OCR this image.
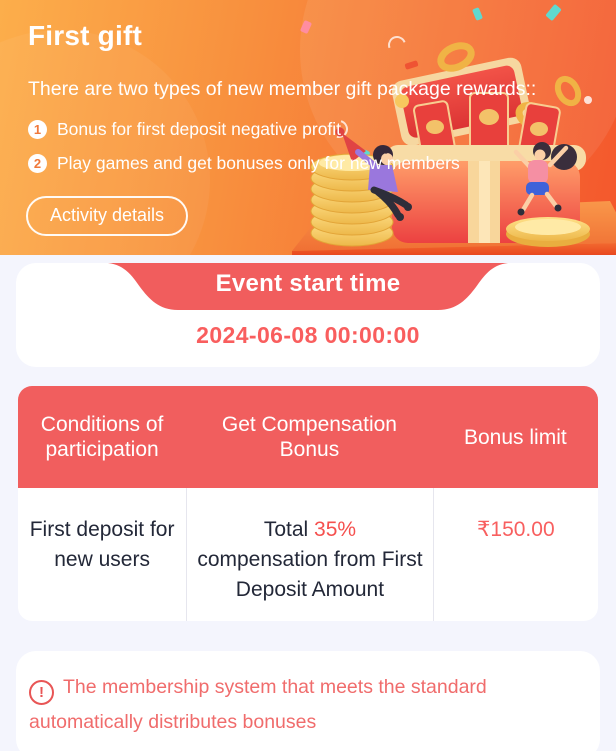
First gift

There are two types of new member gift package rewards::

1 Bonus for first deposit negative profit
2 Play games and get bonuses only for new members
Activity details
Event start time
2024-06-08 00:00:00
Conditions of participation
Get Compensation Bonus
Bonus limit
First deposit for new users
Total 35% compensation from First Deposit Amount
₹150.00

! The membership system that meets the standard automatically distributes bonuses
